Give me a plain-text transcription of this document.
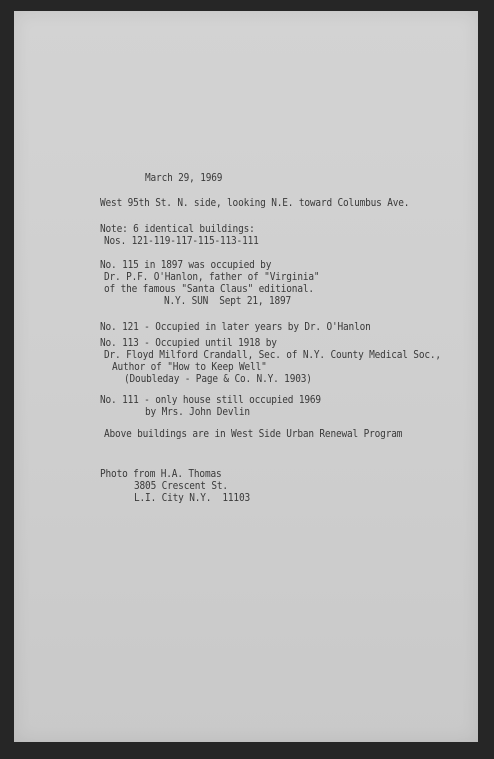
March 29, 1969

West 95th St. N. side, looking N.E. toward Columbus Ave.

Note: 6 identical buildings:

Nos. 121-119-117-115-113-111

No. 115 in 1897 was occupied by

Dr. P.F. O'Hanlon, father of "Virginia"

of the famous "Santa Claus" editional.

N.Y. SUN  Sept 21, 1897

No. 121 - Occupied in later years by Dr. O'Hanlon

No. 113 - Occupied until 1918 by

Dr. Floyd Milford Crandall, Sec. of N.Y. County Medical Soc.,

Author of "How to Keep Well"

(Doubleday - Page & Co. N.Y. 1903)

No. 111 - only house still occupied 1969

by Mrs. John Devlin

Above buildings are in West Side Urban Renewal Program

Photo from H.A. Thomas

3805 Crescent St.

L.I. City N.Y.  11103
